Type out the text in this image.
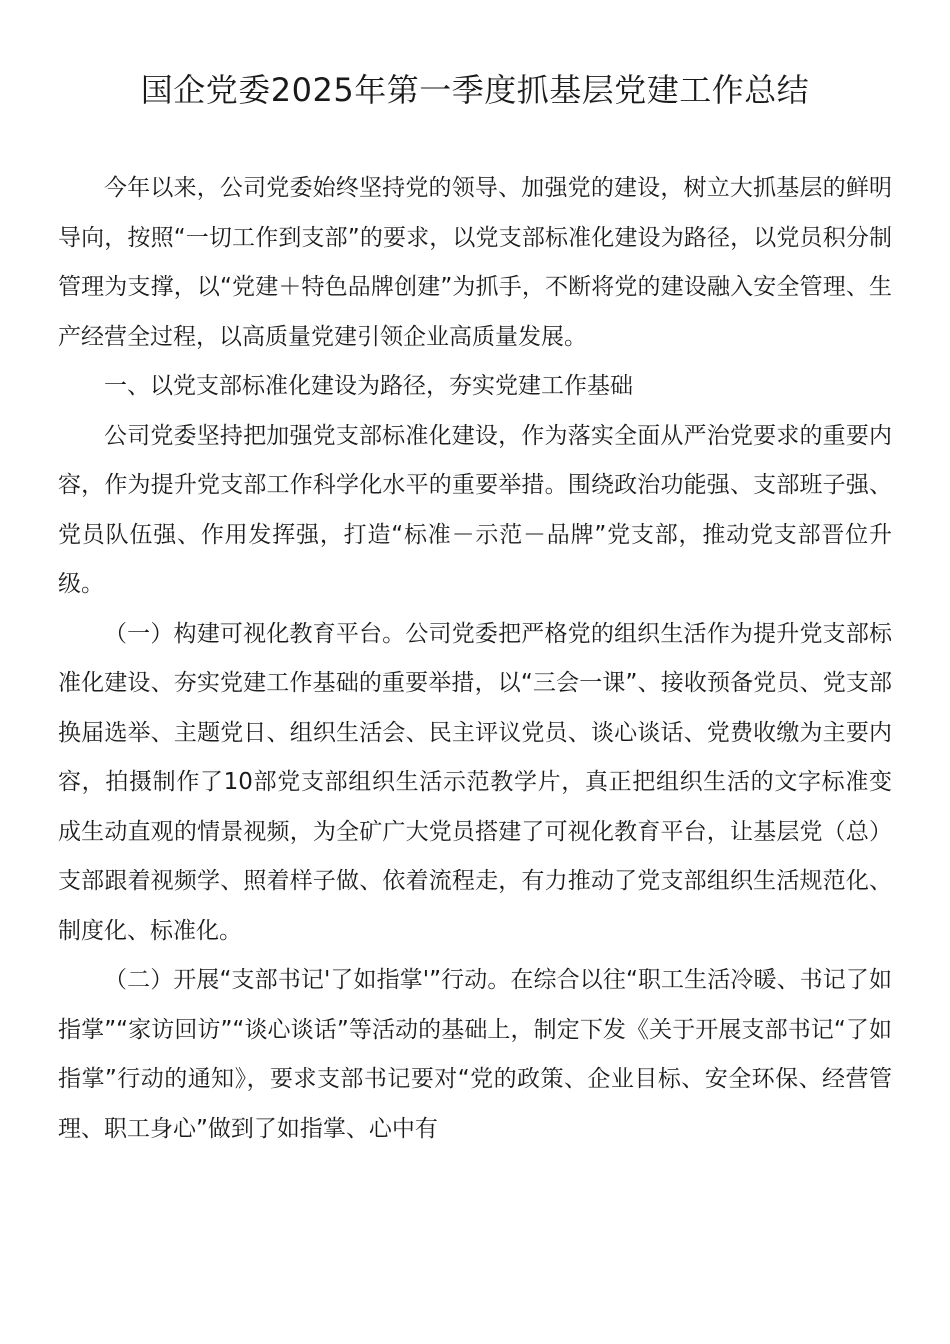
国企党委2025年第一季度抓基层党建工作总结

今年以来，公司党委始终坚持党的领导、加强党的建设，树立大抓基层的鲜明导向，按照“一切工作到支部”的要求，以党支部标准化建设为路径，以党员积分制管理为支撑，以“党建＋特色品牌创建”为抓手，不断将党的建设融入安全管理、生产经营全过程，以高质量党建引领企业高质量发展。

一、以党支部标准化建设为路径，夯实党建工作基础

公司党委坚持把加强党支部标准化建设，作为落实全面从严治党要求的重要内容，作为提升党支部工作科学化水平的重要举措。围绕政治功能强、支部班子强、党员队伍强、作用发挥强，打造“标准－示范－品牌”党支部，推动党支部晋位升级。

（一）构建可视化教育平台。公司党委把严格党的组织生活作为提升党支部标准化建设、夯实党建工作基础的重要举措，以“三会一课”、接收预备党员、党支部换届选举、主题党日、组织生活会、民主评议党员、谈心谈话、党费收缴为主要内容，拍摄制作了10部党支部组织生活示范教学片，真正把组织生活的文字标准变成生动直观的情景视频，为全矿广大党员搭建了可视化教育平台，让基层党（总）支部跟着视频学、照着样子做、依着流程走，有力推动了党支部组织生活规范化、制度化、标准化。

（二）开展“支部书记'了如指掌'”行动。在综合以往“职工生活冷暖、书记了如指掌”“家访回访”“谈心谈话”等活动的基础上，制定下发《关于开展支部书记“了如指掌”行动的通知》，要求支部书记要对“党的政策、企业目标、安全环保、经营管理、职工身心”做到了如指掌、心中有
